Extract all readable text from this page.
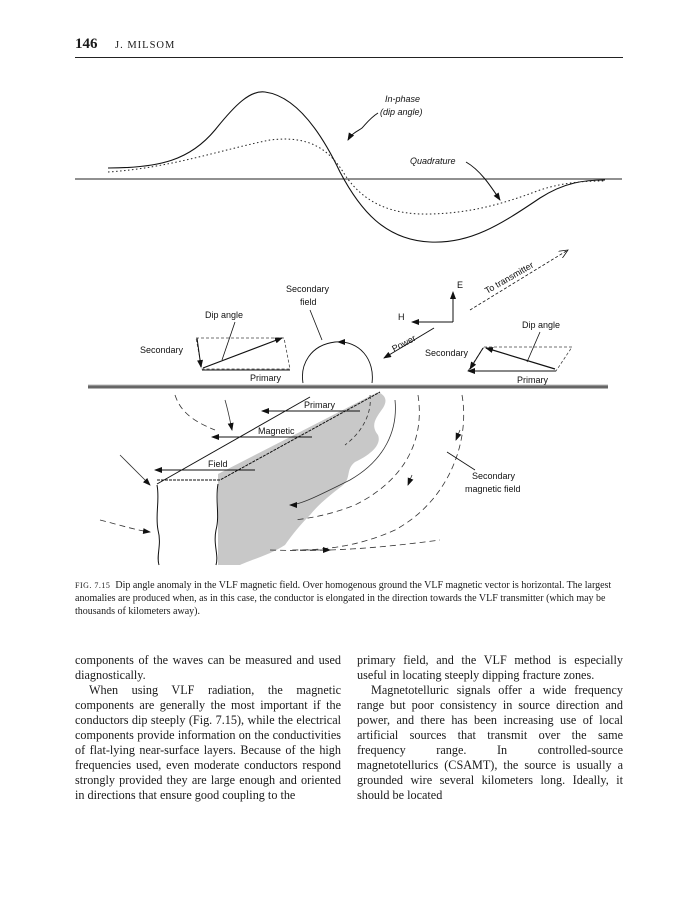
146 J. MILSOM
In-phase
(dip angle)
Quadrature
Primary
Magnetic
Field
Secondary
magnetic field
Dip angle
Secondary
Primary
Secondary
field
E
H
Power
To transmitter
Dip angle
Secondary
Primary
FIG. 7.15 Dip angle anomaly in the VLF magnetic field. Over homogenous ground the VLF magnetic vector is horizontal. The largest anomalies are produced when, as in this case, the conductor is elongated in the direction towards the VLF transmitter (which may be thousands of kilometers away).

components of the waves can be measured and used diagnostically.

When using VLF radiation, the magnetic components are generally the most important if the conductors dip steeply (Fig. 7.15), while the electrical components provide information on the conductivities of flat-lying near-surface layers. Because of the high frequencies used, even moderate conductors respond strongly provided they are large enough and oriented in directions that ensure good coupling to the

primary field, and the VLF method is especially useful in locating steeply dipping fracture zones.

Magnetotelluric signals offer a wide frequency range but poor consistency in source direction and power, and there has been increasing use of local artificial sources that transmit over the same frequency range. In controlled-source magnetotellurics (CSAMT), the source is usually a grounded wire several kilometers long. Ideally, it should be located
